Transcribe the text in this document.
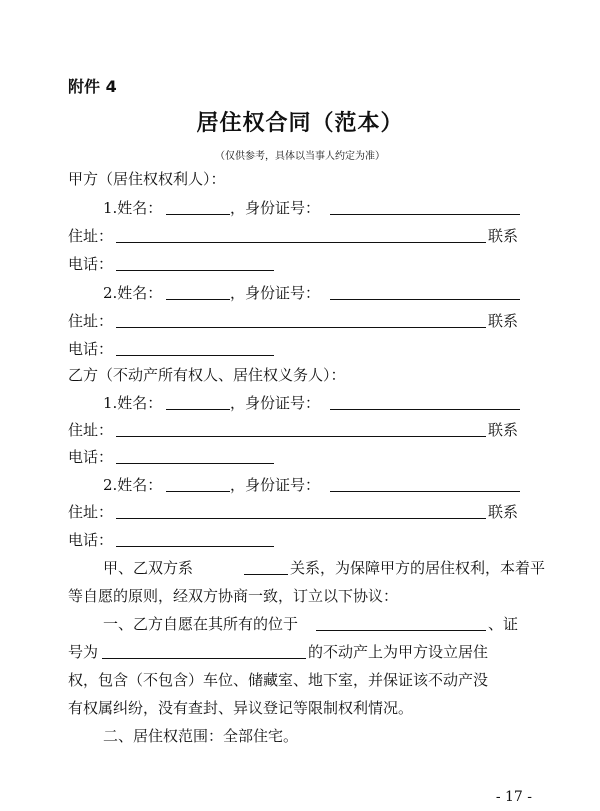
附件 4
居住权合同（范本）
（仅供参考，具体以当事人约定为准）
甲方（居住权权利人）：
1.姓名：	，身份证号：
住址：	联系
电话：
2.姓名：	，身份证号：
住址：	联系
电话：
乙方（不动产所有权人、居住权义务人）：
1.姓名：	，身份证号：
住址：	联系
电话：
2.姓名：	，身份证号：
住址：	联系
电话：
甲、乙双方系	关系，为保障甲方的居住权利，本着平
等自愿的原则，经双方协商一致，订立以下协议：
一、乙方自愿在其所有的位于	、证
号为	的不动产上为甲方设立居住
权，包含（不包含）车位、储藏室、地下室，并保证该不动产没
有权属纠纷，没有查封、异议登记等限制权利情况。
二、居住权范围：全部住宅。
- 17 -
